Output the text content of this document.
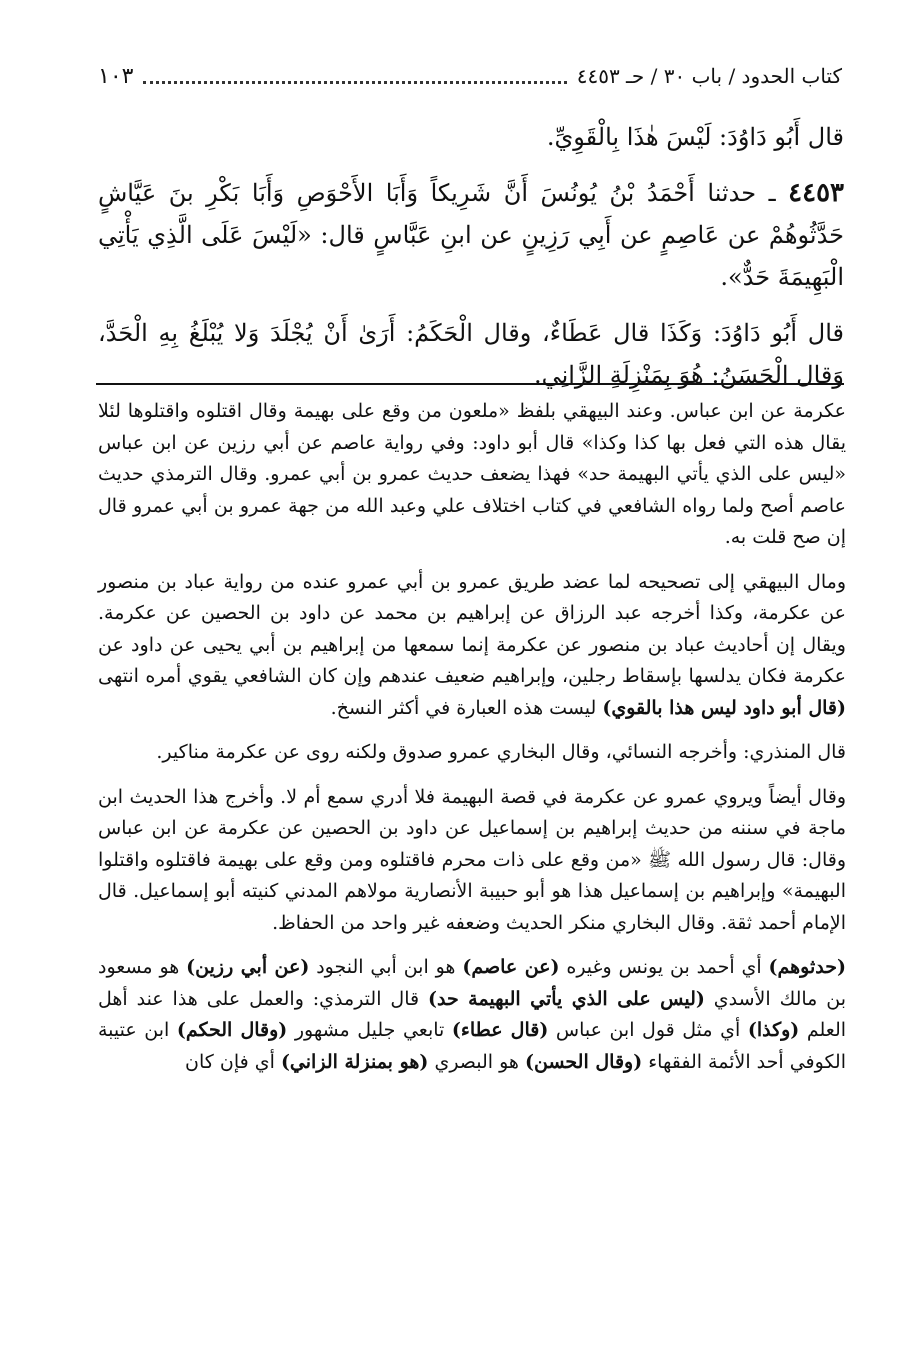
كتاب الحدود / باب ٣٠ / حـ ٤٤٥٣
١٠٣

قال أَبُو دَاوُدَ: لَيْسَ هٰذَا بِالْقَوِيِّ.

٤٤٥٣ ـ حدثنا أَحْمَدُ بْنُ يُونُسَ أَنَّ شَرِيكاً وَأَبَا الأَحْوَصِ وَأَبَا بَكْرِ بنَ عَيَّاشٍ حَدَّثُوهُمْ عن عَاصِمٍ عن أَبِي رَزِينٍ عن ابنِ عَبَّاسٍ قال: «لَيْسَ عَلَى الَّذِي يَأْتِي الْبَهِيمَةَ حَدٌّ».

قال أَبُو دَاوُدَ: وَكَذَا قال عَطَاءٌ، وقال الْحَكَمُ: أَرَىٰ أَنْ يُجْلَدَ وَلا يُبْلَغُ بِهِ الْحَدَّ، وَقال الْحَسَنُ: هُوَ بِمَنْزِلَةِ الزَّانِي.

عكرمة عن ابن عباس. وعند البيهقي بلفظ «ملعون من وقع على بهيمة وقال اقتلوه واقتلوها لئلا يقال هذه التي فعل بها كذا وكذا» قال أبو داود: وفي رواية عاصم عن أبي رزين عن ابن عباس «ليس على الذي يأتي البهيمة حد» فهذا يضعف حديث عمرو بن أبي عمرو. وقال الترمذي حديث عاصم أصح ولما رواه الشافعي في كتاب اختلاف علي وعبد الله من جهة عمرو بن أبي عمرو قال إن صح قلت به.

ومال البيهقي إلى تصحيحه لما عضد طريق عمرو بن أبي عمرو عنده من رواية عباد بن منصور عن عكرمة، وكذا أخرجه عبد الرزاق عن إبراهيم بن محمد عن داود بن الحصين عن عكرمة. ويقال إن أحاديث عباد بن منصور عن عكرمة إنما سمعها من إبراهيم بن أبي يحيى عن داود عن عكرمة فكان يدلسها بإسقاط رجلين، وإبراهيم ضعيف عندهم وإن كان الشافعي يقوي أمره انتهى (قال أبو داود ليس هذا بالقوي) ليست هذه العبارة في أكثر النسخ.

قال المنذري: وأخرجه النسائي، وقال البخاري عمرو صدوق ولكنه روى عن عكرمة مناكير.

وقال أيضاً ويروي عمرو عن عكرمة في قصة البهيمة فلا أدري سمع أم لا. وأخرج هذا الحديث ابن ماجة في سننه من حديث إبراهيم بن إسماعيل عن داود بن الحصين عن عكرمة عن ابن عباس وقال: قال رسول الله ﷺ «من وقع على ذات محرم فاقتلوه ومن وقع على بهيمة فاقتلوه واقتلوا البهيمة» وإبراهيم بن إسماعيل هذا هو أبو حبيبة الأنصارية مولاهم المدني كنيته أبو إسماعيل. قال الإمام أحمد ثقة. وقال البخاري منكر الحديث وضعفه غير واحد من الحفاظ.

(حدثوهم) أي أحمد بن يونس وغيره (عن عاصم) هو ابن أبي النجود (عن أبي رزين) هو مسعود بن مالك الأسدي (ليس على الذي يأتي البهيمة حد) قال الترمذي: والعمل على هذا عند أهل العلم (وكذا) أي مثل قول ابن عباس (قال عطاء) تابعي جليل مشهور (وقال الحكم) ابن عتيبة الكوفي أحد الأئمة الفقهاء (وقال الحسن) هو البصري (هو بمنزلة الزاني) أي فإن كان
